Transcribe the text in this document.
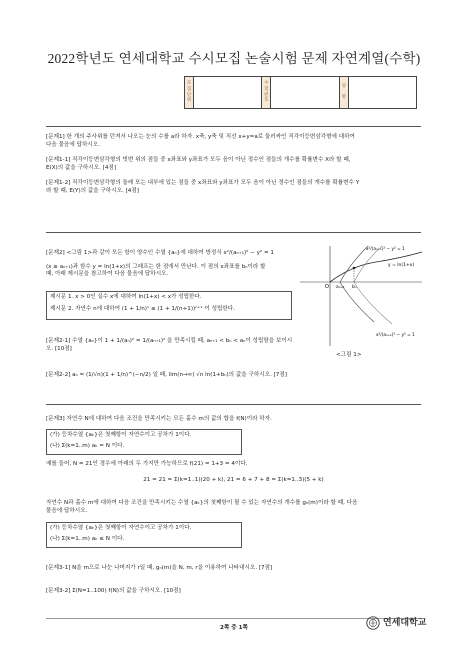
2022학년도 연세대학교 수시모집 논술시험 문제 자연계열(수학)
모
집
단
위
수
험
번
호
성
명
[문제1] 한 개의 주사위를 던져서 나오는 눈의 수를 a라 하자. x축, y축 및 직선 x+y=a로 둘러싸인 직각이등변삼각형에 대하여
다음 물음에 답하시오.
[문제1-1] 직각이등변삼각형의 빗변 위의 점들 중 x좌표와 y좌표가 모두 음이 아닌 정수인 점들의 개수를 확률변수 X라 할 때,
E(X)의 값을 구하시오. [4점]
[문제1-2] 직각이등변삼각형의 둘레 또는 내부에 있는 점들 중 x좌표와 y좌표가 모두 음이 아닌 정수인 점들의 개수를 확률변수 Y
라 할 때, E(Y)의 값을 구하시오. [4점]
[문제2] <그림 1>과 같이 모든 항이 양수인 수열 {aₙ}에 대하여 방정식 x²/(aₙ₊₁)² − y² = 1
(x ≥ aₙ₊₁)과 함수 y = ln(1+x)의 그래프는 한 점에서 만난다. 이 점의 x좌표를 bₙ이라 할
때, 아래 제시문을 참고하여 다음 물음에 답하시오.
제시문 1. x > 0인 실수 x에 대하여 ln(1+x) < x가 성립한다.
제시문 2. 자연수 n에 대하여 (1 + 1/n)ⁿ ≤ (1 + 1/(n+1))ⁿ⁺¹ 이 성립한다.
O aₙ₊₁ bₙ
y = ln(1+x)
x²/(aₙ₊₁)² − y² = 1
x²/(aₙ₊₁)² − y² = 1
<그림 1>
[문제2-1] 수열 {aₙ}이 1 + 1/(aₙ)² = 1/(aₙ₊₁)² 을 만족시킬 때, aₙ₊₁ < bₙ < aₙ이 성립함을 보이시오. [10점]
[문제2-2] aₙ = (1/√n)(1 + 1/n)^(−n/2) 일 때, lim(n→∞) √n ln(1+bₙ)의 값을 구하시오. [7점]
[문제3] 자연수 N에 대하여 다음 조건을 만족시키는 모든 홀수 m의 값의 합을 f(N)이라 하자.
(가) 등차수열 {aₖ}은 첫째항이 자연수이고 공차가 1이다.
(나) Σ(k=1..m) aₖ = N 이다.
예를 들어, N = 21인 경우에 아래의 두 가지만 가능하므로 f(21) = 1+3 = 4이다.
21 = 21 = Σ(k=1..1)(20 + k), 21 = 6 + 7 + 8 = Σ(k=1..3)(5 + k)
자연수 N과 홀수 m에 대하여 다음 조건을 만족시키는 수열 {aₖ}의 첫째항이 될 수 있는 자연수의 개수를 gₙ(m)이라 할 때, 다음
물음에 답하시오.
(가) 등차수열 {aₖ}은 첫째항이 자연수이고 공차가 1이다.
(나) Σ(k=1..m) aₖ ≤ N 이다.
[문제3-1] N을 m으로 나눈 나머지가 r일 때, gₙ(m)을 N, m, r을 이용하여 나타내시오. [7점]
[문제3-2] Σ(N=1..100) f(N)의 값을 구하시오. [10점]
2쪽 중 1쪽
연세대학교
